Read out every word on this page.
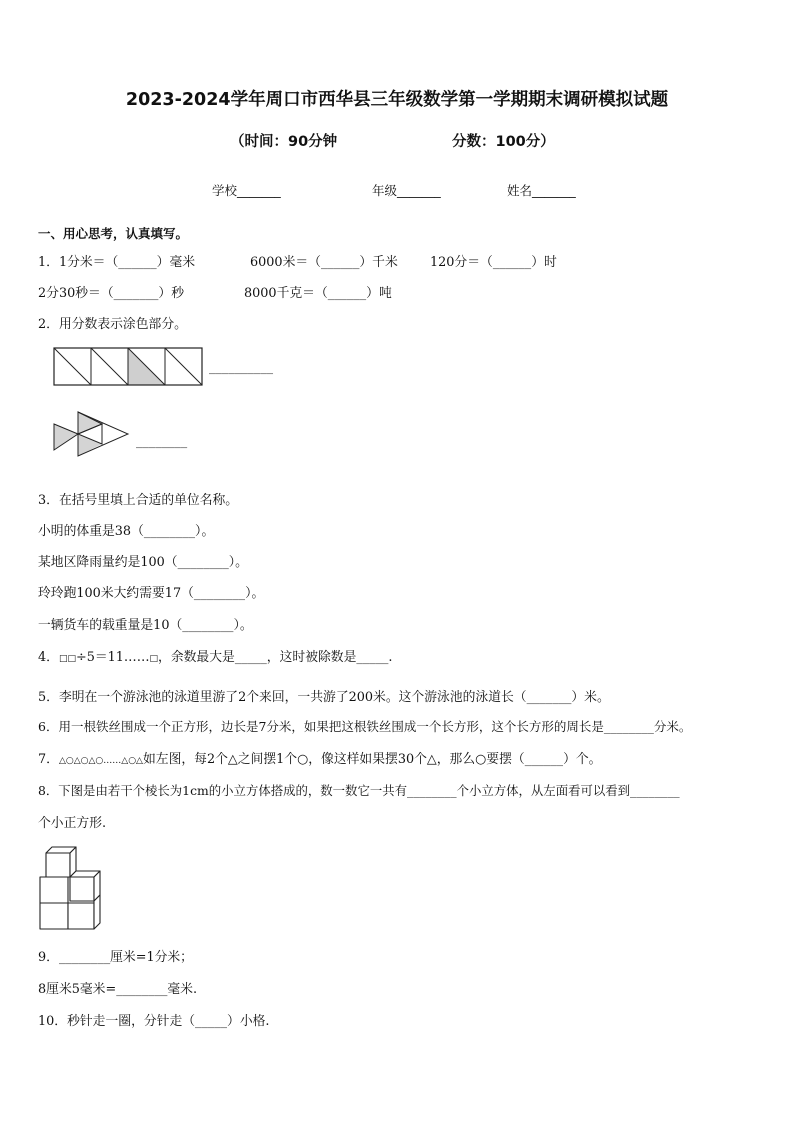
2023-2024学年周口市西华县三年级数学第一学期期末调研模拟试题
（时间：90分钟	分数：100分）
学校_______	年级_______	姓名_______
一、用心思考，认真填写。
1．1分米＝（______）毫米	6000米＝（______）千米	120分＝（______）时
2分30秒＝（_______）秒	8000千克＝（______）吨
2．用分数表示涂色部分。
__________
________
3．在括号里填上合适的单位名称。
小明的体重是38（________）。
某地区降雨量约是100（________）。
玲玲跑100米大约需要17（________）。
一辆货车的载重量是10（________）。
4．□□÷5＝11……□，余数最大是_____，这时被除数是_____.
5．李明在一个游泳池的泳道里游了2个来回，一共游了200米。这个游泳池的泳道长（_______）米。
6．用一根铁丝围成一个正方形，边长是7分米，如果把这根铁丝围成一个长方形，这个长方形的周长是________分米。
7．△○△○△○……△○△如左图，每2个△之间摆1个○，像这样如果摆30个△，那么○要摆（______）个。
8．下图是由若干个棱长为1cm的小立方体搭成的，数一数它一共有________个小立方体，从左面看可以看到________
个小正方形.
9．________厘米=1分米；
8厘米5毫米=________毫米.
10．秒针走一圈，分针走（_____）小格.
